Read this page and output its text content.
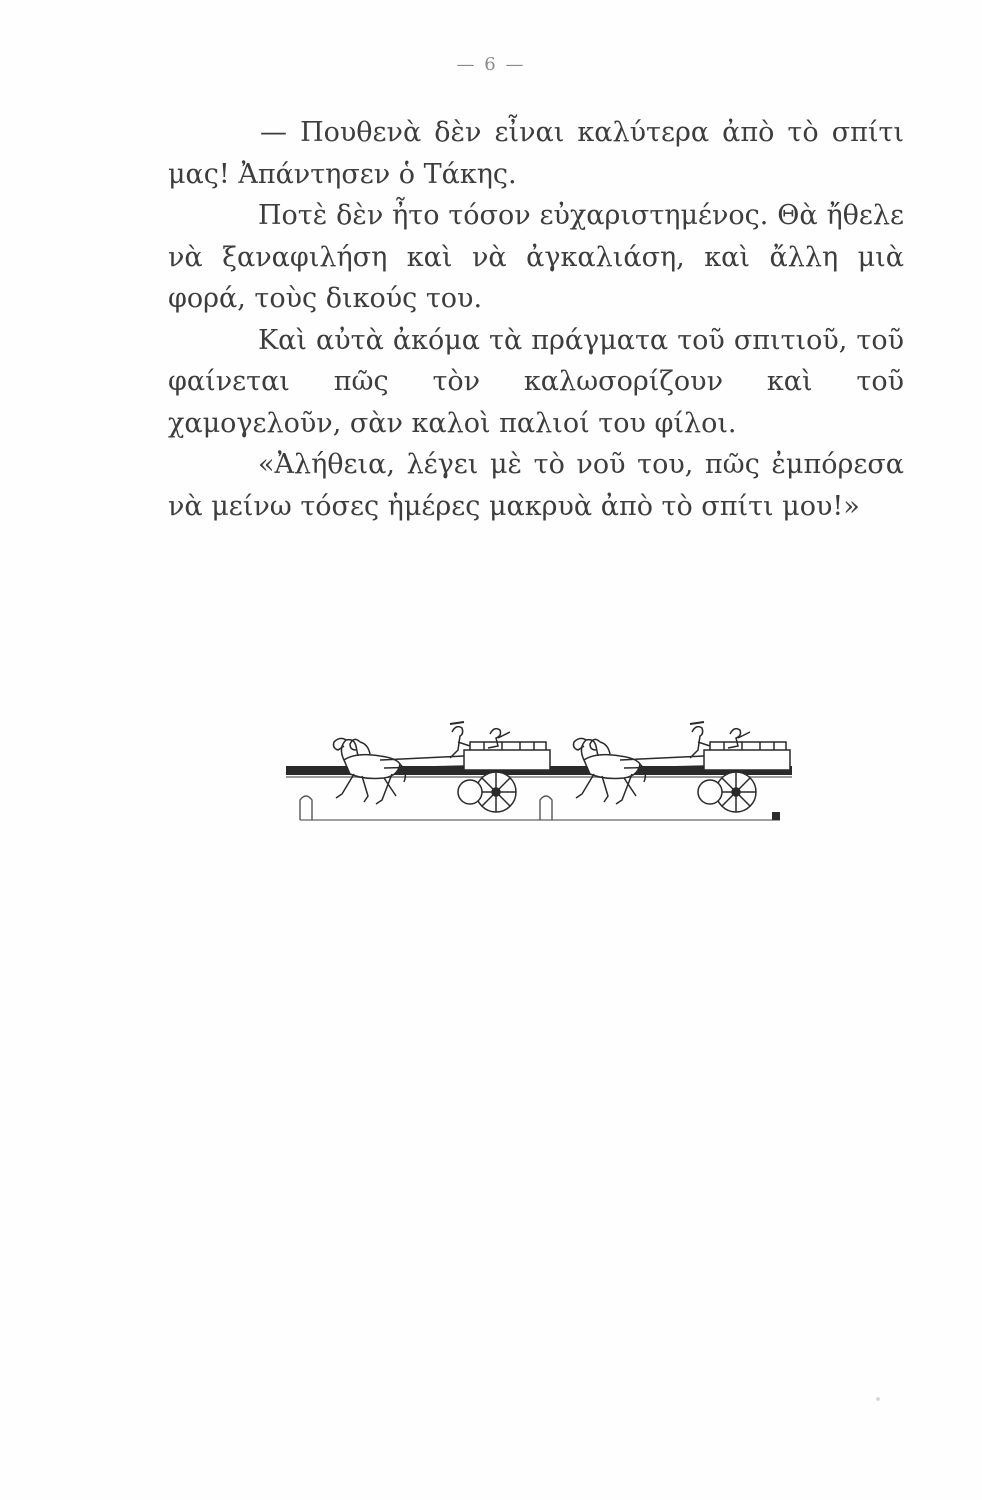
— 6 —

— Πουθενὰ δὲν εἶναι καλύτερα ἀπὸ τὸ σπίτι μας! Ἀπάντησεν ὁ Τάκης.

Ποτὲ δὲν ἦτο τόσον εὐχαριστημένος. Θὰ ἤθελε νὰ ξαναφιλήση καὶ νὰ ἀγκαλιάση, καὶ ἄλλη μιὰ φορά, τοὺς δικούς του.

Καὶ αὐτὰ ἀκόμα τὰ πράγματα τοῦ σπιτιοῦ, τοῦ φαίνεται πῶς τὸν καλωσορίζουν καὶ τοῦ χαμογελοῦν, σὰν καλοὶ παλιοί του φίλοι.

«Ἀλήθεια, λέγει μὲ τὸ νοῦ του, πῶς ἐμπόρεσα νὰ μείνω τόσες ἡμέρες μακρυὰ ἀπὸ τὸ σπίτι μου!»
